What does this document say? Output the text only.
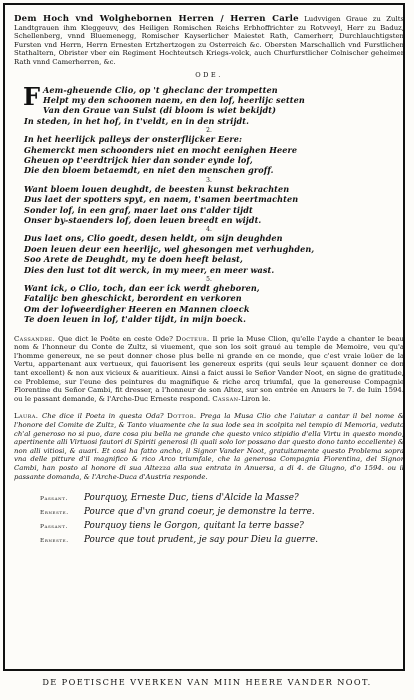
Dem Hoch vnd Wolghebornen Herren / Herren Carle Ludvvigen Graue zu Zults Landtgrauen ihm Kleggeuvv, des Heiligen Romischen Reichs Erbhoffrichter zu Rotvveyl, Herr zu Baduz, Schellenberg, vnnd Bluemenegg, Romischer Kayserlicher Maiestet Rath, Camerherr, Durchlauchtigsten Fursten vnd Herrn, Herrn Ernesten Ertzhertzogen zu Osterreich &c. Obersten Marschallich vnd Furstlichen Stathaltern, Obrister vber ein Regiment Hochteutsch Kriegs-volck, auch Churfurstlicher Colnischer geheimer Rath vnnd Camerherren, &c.
ODE.
F Aem-gheuende Clio, op 't gheclanc der trompetten
Helpt my den schoonen naem, en den lof, heerlijc setten
Van den Graue van Sulst (di bloom is wiet bekijdt)
In steden, in het hof, in t'veldt, en in den strijdt.
2.
In het heerlijck palleys der onsterflijcker Eere:
Ghemerckt men schoonders niet en mocht eenighen Heere
Gheuen op t'eerdtrijck hier dan sonder eynde lof,
Die den bloem betaemdt, en niet den menschen groff.
3.
Want bloem louen deughdt, de beesten kunst bekrachten
Dus laet der spotters spyt, en naem, t'samen beertmachten
Sonder lof, in een graf, maer laet ons t'alder tijdt
Onser by-staenders lof, doen leuen breedt en wijdt.
4.
Dus laet ons, Clio goedt, desen heldt, om sijn deughden
Doen leuen deur een heerlijc, wel ghesongen met verhughden,
Soo Arete de Deughdt, my te doen heeft belast,
Dies den lust tot dit werck, in my meer, en meer wast.
5.
Want ick, o Clio, toch, dan eer ick werdt gheboren,
Fatalijc ben gheschickt, berordent en verkoren
Om der lofweerdigher Heeren en Mannen cloeck
Te doen leuen in lof, t'alder tijdt, in mijn boeck.
Cassandre. Que dict le Poëte en ceste Ode? Docteur. Il prie la Muse Clion, qu'elle l'ayde a chanter le beau nom & l'honneur du Conte de Zultz, si viuement, que son los soit graué au temple de Memoire, veu qu'a l'homme genereux, ne se peut donner chose plus belle ni grande en ce monde, que c'est vraie loüer de la Vertu, appartenant aux vertueux, qui fauorisent les genereux esprits (qui seuls leur sçauent donner ce don tant excellent) & non aux vicieux & auaritieux. Ainsi a faict aussi le Señor Vander Noot, en signe de gratitude, ce Probleme, sur l'eune des peintures du magnifique & riche arcq triumfal, que la genereuse Compagnie Florentine du Señor Cambi, fit dresser, a l'honneur de son Altez, sur son entrée en Anuers le 7. de Iuin 1594. ou le passant demande, & l'Arche-Duc Erneste respond. Cassan-Liron le.
Laura. Che dice il Poeta in questa Oda? Dottor. Prega la Musa Clio che l'aiutar a cantar il bel nome & l'honore del Comite de Zultz, & Tanto viuamente che la sua lode sea in scolpita nel tempio di Memoria, veduto ch'al generoso no si puo, dare cosa piu bella ne grande che questo vnico stipidio d'ella Virtu in questo mondo, apertinente alli Virtuosi fautori di Spiriti generosi (li quali solo lor possano dar questo dono tanto eccellente) & non alli vitiosi, & auari. Et cosi ha fatto ancho, il Signor Vander Noot, gratuitamente questo Problema sopra vna delle pitture d'il magnifico & rico Arco triumfale, che la generosa Compagnia Fiorentina, del Signor Cambi, han posto al honore di sua Altezza alla sua entrata in Anuersa, a di 4. de Giugno, d'o 1594. ou il passante domanda, & l'Arche-Duca d'Austria responde.
Passant.	Pourquoy, Erneste Duc, tiens d'Alcide la Masse?
Erneste.	Pource que d'vn grand coeur, je demonstre la terre.
Passant.	Pourquoy tiens le Gorgon, quitant la terre basse?
Erneste.	Pource que tout prudent, je say pour Dieu la guerre.
DE POETISCHE VVERKEN VAN MIIN HEERE VANDER NOOT.
